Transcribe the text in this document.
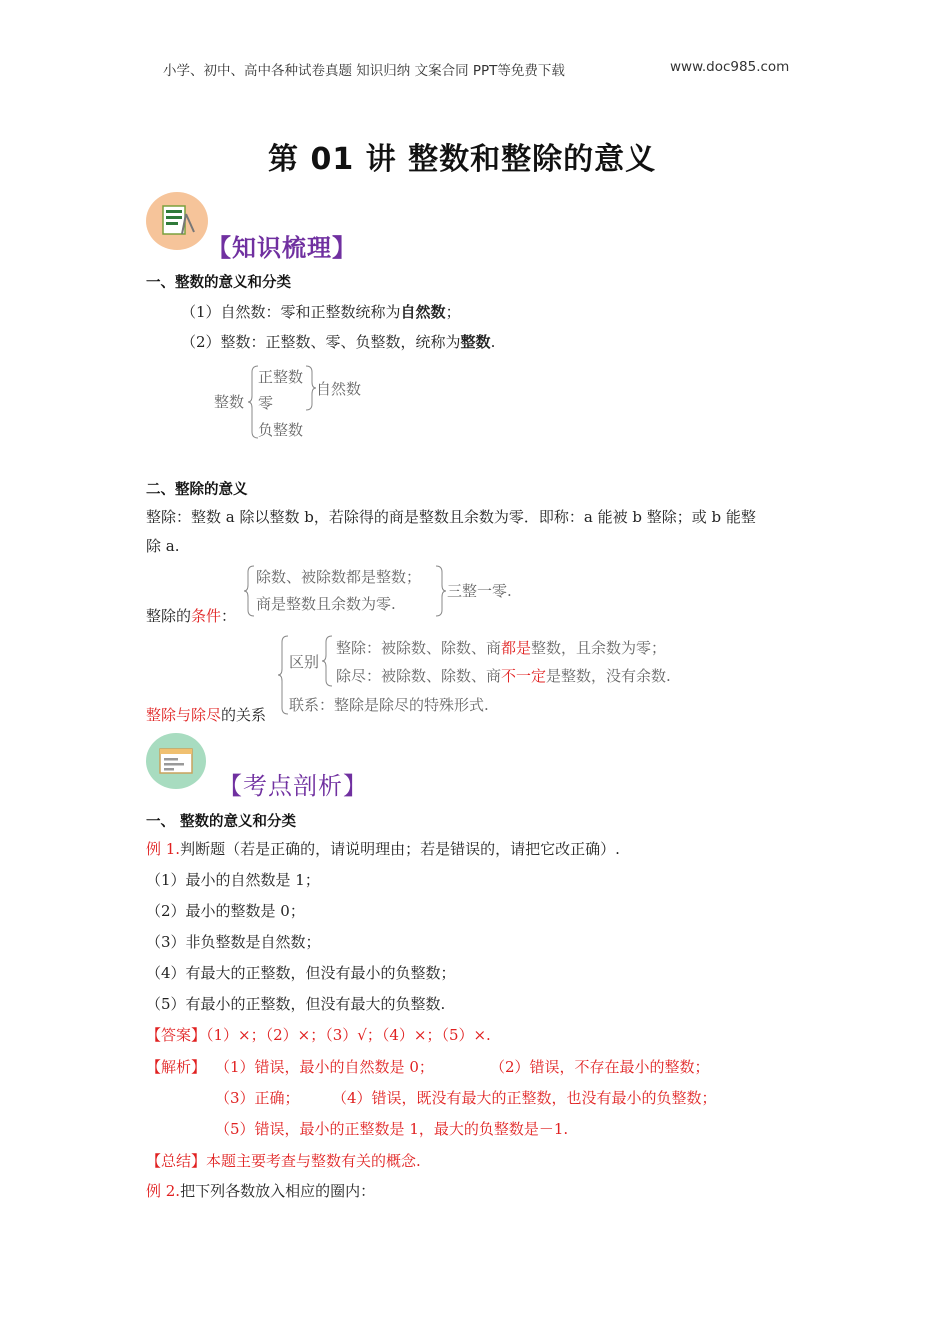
小学、初中、高中各种试卷真题 知识归纳 文案合同 PPT等免费下载	www.doc985.com
第 01 讲 整数和整除的意义
【知识梳理】
一、整数的意义和分类
（1）自然数：零和正整数统称为自然数；
（2）整数：正整数、零、负整数，统称为整数.
整数
正整数
零
负整数
自然数
二、整除的意义
整除：整数 a 除以整数 b，若除得的商是整数且余数为零．即称：a 能被 b 整除；或 b 能整
除 a.
除数、被除数都是整数；
商是整数且余数为零.
三整一零.
整除的条件：
区别
整除：被除数、除数、商都是整数，且余数为零；
除尽：被除数、除数、商不一定是整数，没有余数.
联系：整除是除尽的特殊形式.
整除与除尽的关系
【考点剖析】
一、 整数的意义和分类
例 1.判断题（若是正确的，请说明理由；若是错误的，请把它改正确）.
（1）最小的自然数是 1；
（2）最小的整数是 0；
（3）非负整数是自然数；
（4）有最大的正整数，但没有最小的负整数；
（5）有最小的正整数，但没有最大的负整数.
【答案】（1）×；（2）×；（3）√；（4）×；（5）×.
【解析】 （1）错误，最小的自然数是 0；	（2）错误，不存在最小的整数；
（3）正确； （4）错误，既没有最大的正整数，也没有最小的负整数；
（5）错误，最小的正整数是 1，最大的负整数是－1.
【总结】本题主要考查与整数有关的概念.
例 2.把下列各数放入相应的圈内：
